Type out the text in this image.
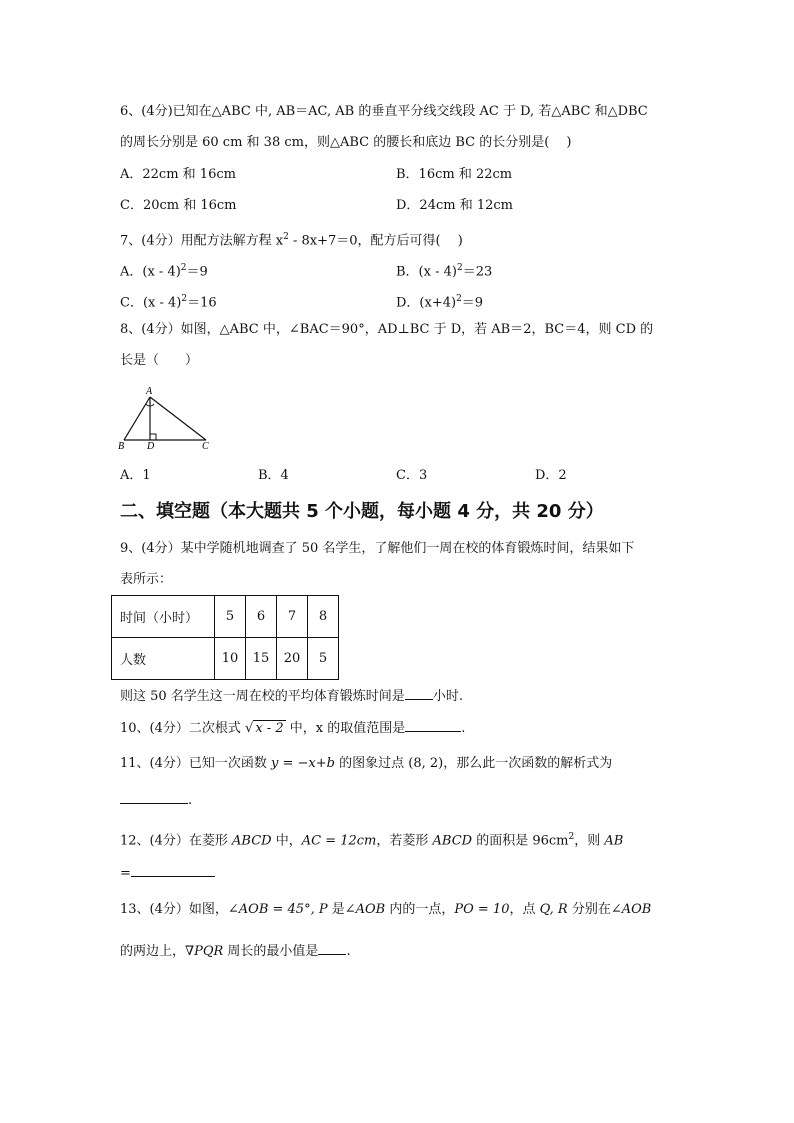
6、(4分)已知在△ABC 中, AB＝AC, AB 的垂直平分线交线段 AC 于 D, 若△ABC 和△DBC
的周长分别是 60 cm 和 38 cm，则△ABC 的腰长和底边 BC 的长分别是(　 )
A．22cm 和 16cm	B．16cm 和 22cm
C．20cm 和 16cm	D．24cm 和 12cm
7、(4分）用配方法解方程 $x^2 - 8x+7=0$，配方后可得(　 )
A．(x - 4)$^2$＝9	B．(x - 4)$^2$＝23
C．(x - 4)$^2$＝16	D．$(x+4)^2=9$
8、(4分）如图，△ABC 中，∠BAC＝90°，AD⊥BC 于 D，若 AB＝2，BC＝4，则 CD 的
长是（　　）
A
B D	C
A．1	B．4	C．3	D．2
二、填空题（本大题共 5 个小题，每小题 4 分，共 20 分）
9、(4分）某中学随机地调查了 50 名学生，了解他们一周在校的体育锻炼时间，结果如下
表所示：
时间（小时）	5	6	7	8
人数	10	15	20	5
则这 50 名学生这一周在校的平均体育锻炼时间是 小时.
10、(4分）二次根式 √ x - 2 中，x 的取值范围是	.
11、(4分）已知一次函数 y = −x+b 的图象过点 (8, 2)，那么此一次函数的解析式为
.
12、(4分）在菱形 ABCD 中，AC = 12cm，若菱形 ABCD 的面积是 $96cm^2$，则 AB
=
13、(4分）如图，∠AOB = 45°, P 是∠AOB 内的一点，PO = 10，点 Q, R 分别在∠AOB
的两边上，∇PQR 周长的最小值是 .
